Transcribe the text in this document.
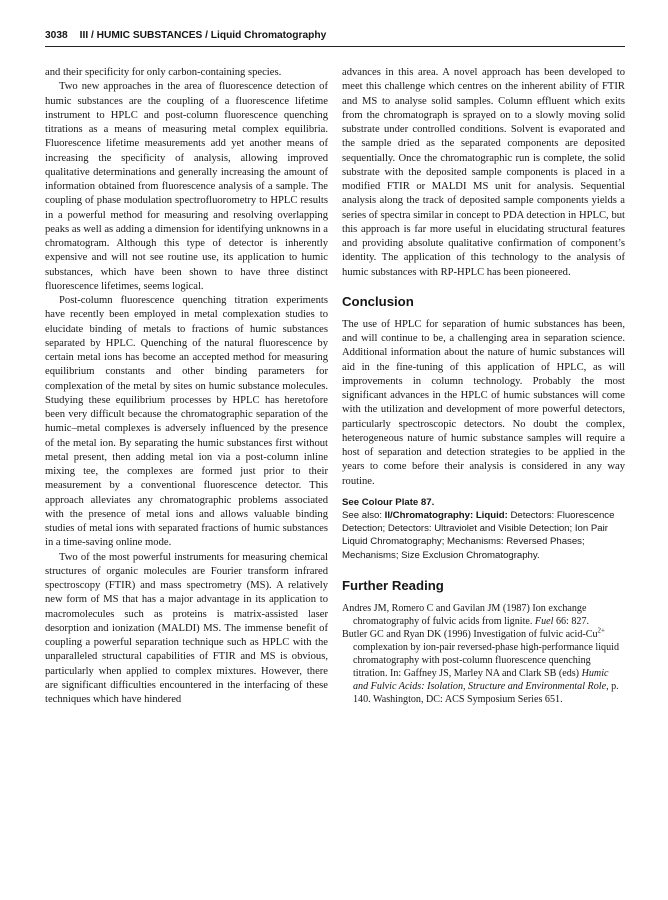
3038 III / HUMIC SUBSTANCES / Liquid Chromatography

and their specificity for only carbon-containing species.

Two new approaches in the area of fluorescence detection of humic substances are the coupling of a fluorescence lifetime instrument to HPLC and post-column fluorescence quenching titrations as a means of measuring metal complex equilibria. Fluorescence lifetime measurements add yet another means of increasing the specificity of analysis, allowing improved qualitative determinations and generally increasing the amount of information obtained from fluorescence analysis of a sample. The coupling of phase modulation spectrofluorometry to HPLC results in a powerful method for measuring and resolving overlapping peaks as well as adding a dimension for identifying unknowns in a chromatogram. Although this type of detector is inherently expensive and will not see routine use, its application to humic substances, which have been shown to have three distinct fluorescence lifetimes, seems logical.

Post-column fluorescence quenching titration experiments have recently been employed in metal complexation studies to elucidate binding of metals to fractions of humic substances separated by HPLC. Quenching of the natural fluorescence by certain metal ions has become an accepted method for measuring equilibrium constants and other binding parameters for complexation of the metal by sites on humic substance molecules. Studying these equilibrium processes by HPLC has heretofore been very difficult because the chromatographic separation of the humic–metal complexes is adversely influenced by the presence of the metal ion. By separating the humic substances first without metal present, then adding metal ion via a post-column inline mixing tee, the complexes are formed just prior to their measurement by a conventional fluorescence detector. This approach alleviates any chromatographic problems associated with the presence of metal ions and allows valuable binding studies of metal ions with separated fractions of humic substances in a time-saving online mode.

Two of the most powerful instruments for measuring chemical structures of organic molecules are Fourier transform infrared spectroscopy (FTIR) and mass spectrometry (MS). A relatively new form of MS that has a major advantage in its application to macromolecules such as proteins is matrix-assisted laser desorption and ionization (MALDI) MS. The immense benefit of coupling a powerful separation technique such as HPLC with the unparalleled structural capabilities of FTIR and MS is obvious, particularly when applied to complex mixtures. However, there are significant difficulties encountered in the interfacing of these techniques which have hindered

advances in this area. A novel approach has been developed to meet this challenge which centres on the inherent ability of FTIR and MS to analyse solid samples. Column effluent which exits from the chromatograph is sprayed on to a slowly moving solid substrate under controlled conditions. Solvent is evaporated and the sample dried as the separated components are deposited sequentially. Once the chromatographic run is complete, the solid substrate with the deposited sample components is placed in a modified FTIR or MALDI MS unit for analysis. Sequential analysis along the track of deposited sample components yields a series of spectra similar in concept to PDA detection in HPLC, but this approach is far more useful in elucidating structural features and providing absolute qualitative confirmation of component’s identity. The application of this technology to the analysis of humic substances with RP-HPLC has been pioneered.

Conclusion

The use of HPLC for separation of humic substances has been, and will continue to be, a challenging area in separation science. Additional information about the nature of humic substances will aid in the fine-tuning of this application of HPLC, as will improvements in column technology. Probably the most significant advances in the HPLC of humic substances will come with the utilization and development of more powerful detectors, particularly spectroscopic detectors. No doubt the complex, heterogeneous nature of humic substance samples will require a host of separation and detection strategies to be applied in the years to come before their analysis is considered in any way routine.

See Colour Plate 87.

See also: II/Chromatography: Liquid: Detectors: Fluorescence Detection; Detectors: Ultraviolet and Visible Detection; Ion Pair Liquid Chromatography; Mechanisms: Reversed Phases; Mechanisms; Size Exclusion Chromatography.

Further Reading

Andres JM, Romero C and Gavilan JM (1987) Ion exchange chromatography of fulvic acids from lignite. Fuel 66: 827.

Butler GC and Ryan DK (1996) Investigation of fulvic acid-$Cu^{2+}$ complexation by ion-pair reversed-phase high-performance liquid chromatography with post-column fluorescence quenching titration. In: Gaffney JS, Marley NA and Clark SB (eds) Humic and Fulvic Acids: Isolation, Structure and Environmental Role, p. 140. Washington, DC: ACS Symposium Series 651.
